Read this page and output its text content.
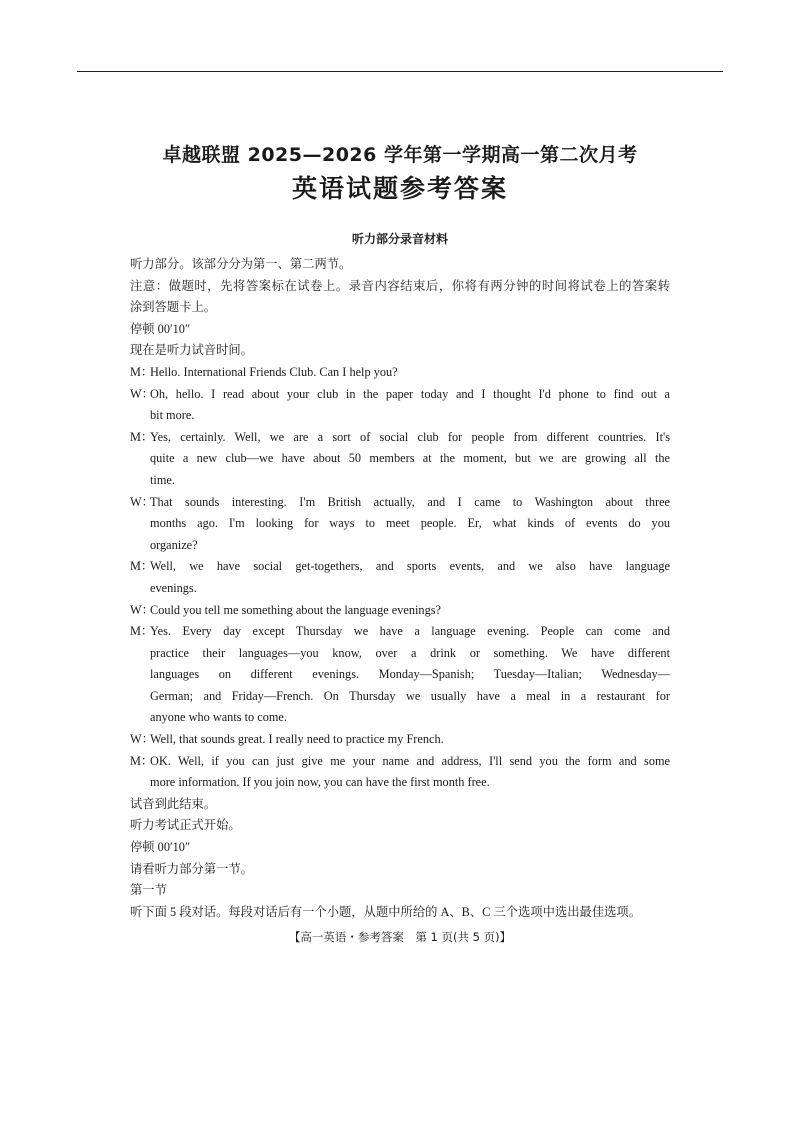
卓越联盟 2025—2026 学年第一学期高一第二次月考
英语试题参考答案
听力部分录音材料
听力部分。该部分分为第一、第二两节。
注意：做题时，先将答案标在试卷上。录音内容结束后，你将有两分钟的时间将试卷上的答案转
涂到答题卡上。
停顿 00′10″
现在是听力试音时间。
M：Hello. International Friends Club. Can I help you?
W：Oh, hello. I read about your club in the paper today and I thought I'd phone to find out a
bit more.
M：Yes, certainly. Well, we are a sort of social club for people from different countries. It's
quite a new club—we have about 50 members at the moment, but we are growing all the
time.
W：That sounds interesting. I'm British actually, and I came to Washington about three
months ago. I'm looking for ways to meet people. Er, what kinds of events do you
organize?
M：Well, we have social get-togethers, and sports events, and we also have language
evenings.
W：Could you tell me something about the language evenings?
M：Yes. Every day except Thursday we have a language evening. People can come and
practice their languages—you know, over a drink or something. We have different
languages on different evenings. Monday—Spanish; Tuesday—Italian; Wednesday—
German; and Friday—French. On Thursday we usually have a meal in a restaurant for
anyone who wants to come.
W：Well, that sounds great. I really need to practice my French.
M：OK. Well, if you can just give me your name and address, I'll send you the form and some
more information. If you join now, you can have the first month free.
试音到此结束。
听力考试正式开始。
停顿 00′10″
请看听力部分第一节。
第一节
听下面 5 段对话。每段对话后有一个小题，从题中所给的 A、B、C 三个选项中选出最佳选项。
【高一英语・参考答案　第 1 页(共 5 页)】
